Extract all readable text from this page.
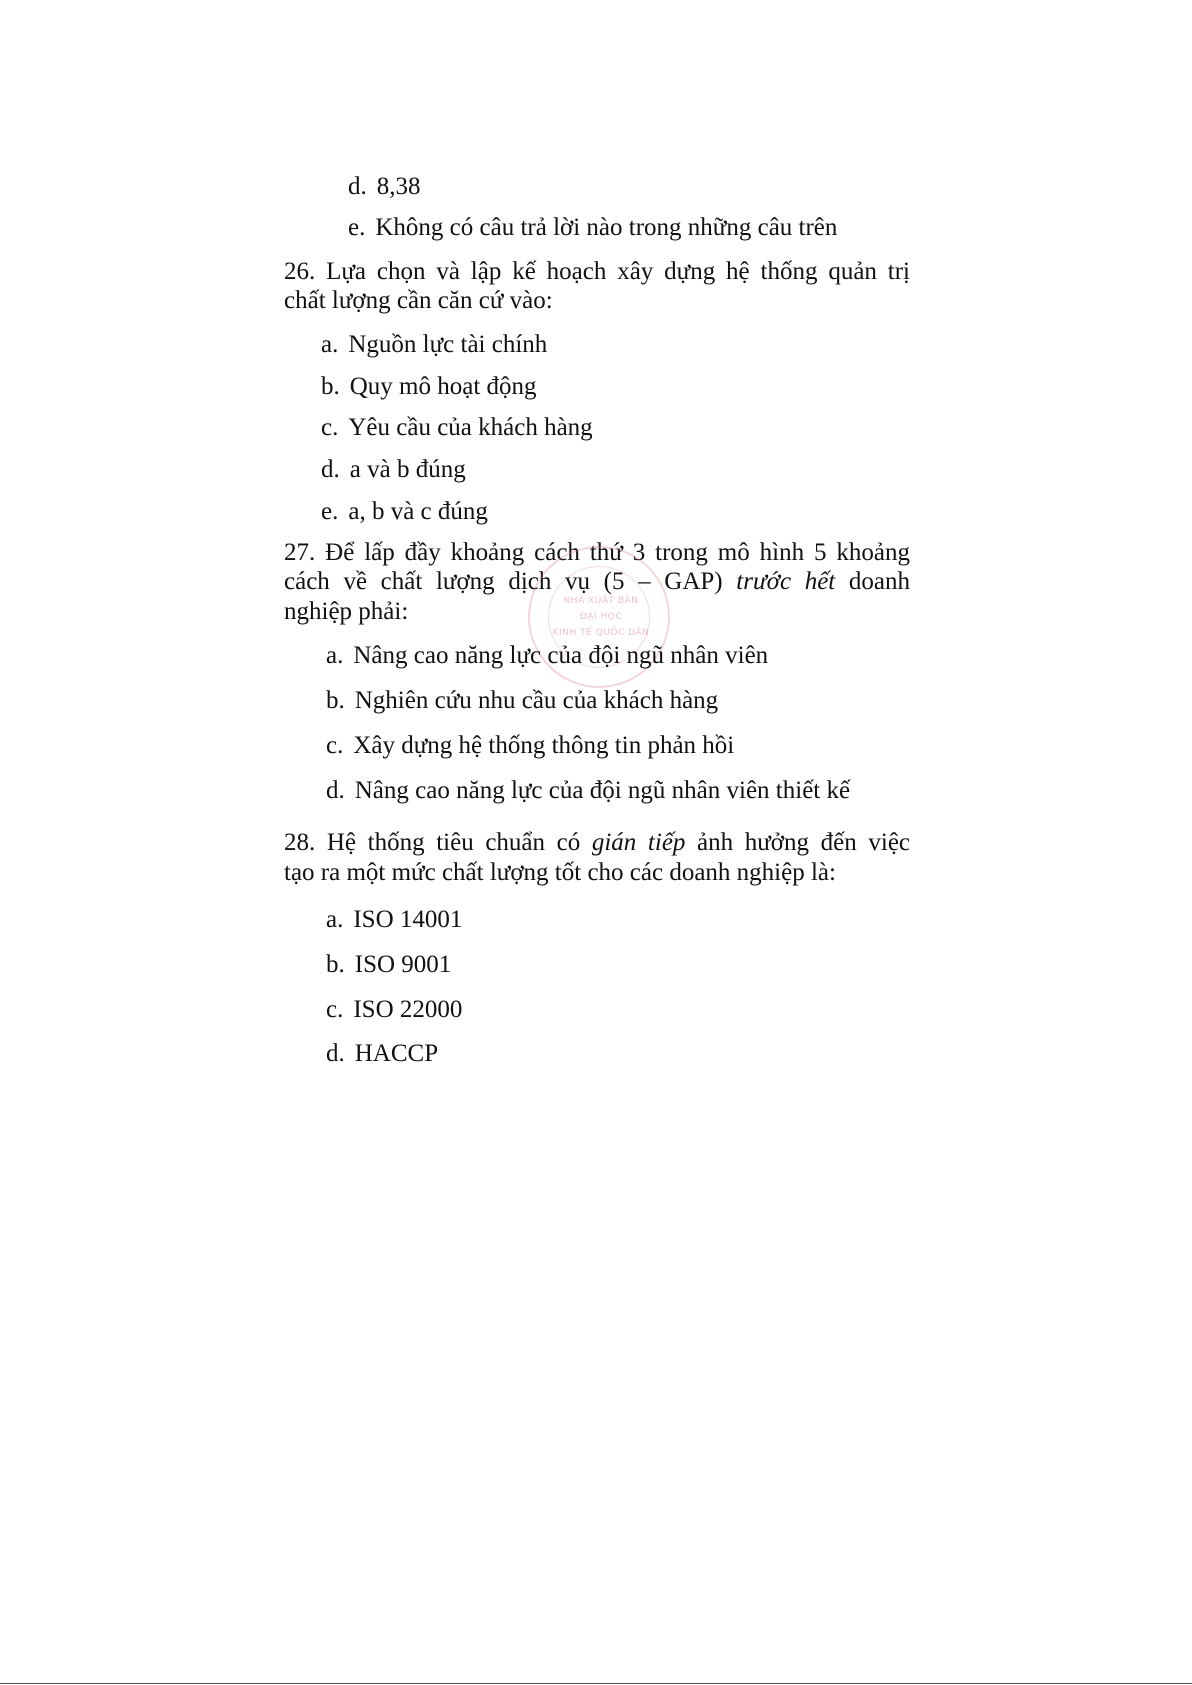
d. 8,38
e. Không có câu trả lời nào trong những câu trên
26. Lựa chọn và lập kế hoạch xây dựng hệ thống quản trị
chất lượng cần căn cứ vào:
a. Nguồn lực tài chính
b. Quy mô hoạt động
c. Yêu cầu của khách hàng
d. a và b đúng
e. a, b và c đúng
27. Để lấp đầy khoảng cách thứ 3 trong mô hình 5 khoảng
cách về chất lượng dịch vụ (5 – GAP) trước hết doanh
nghiệp phải:	NHÀ XUẤT BẢN
ĐẠI HỌC
KINH TẾ QUỐC DÂN
a. Nâng cao năng lực của đội ngũ nhân viên
b. Nghiên cứu nhu cầu của khách hàng
c. Xây dựng hệ thống thông tin phản hồi
d. Nâng cao năng lực của đội ngũ nhân viên thiết kế
28. Hệ thống tiêu chuẩn có gián tiếp ảnh hưởng đến việc
tạo ra một mức chất lượng tốt cho các doanh nghiệp là:
a. ISO 14001
b. ISO 9001
c. ISO 22000
d. HACCP
